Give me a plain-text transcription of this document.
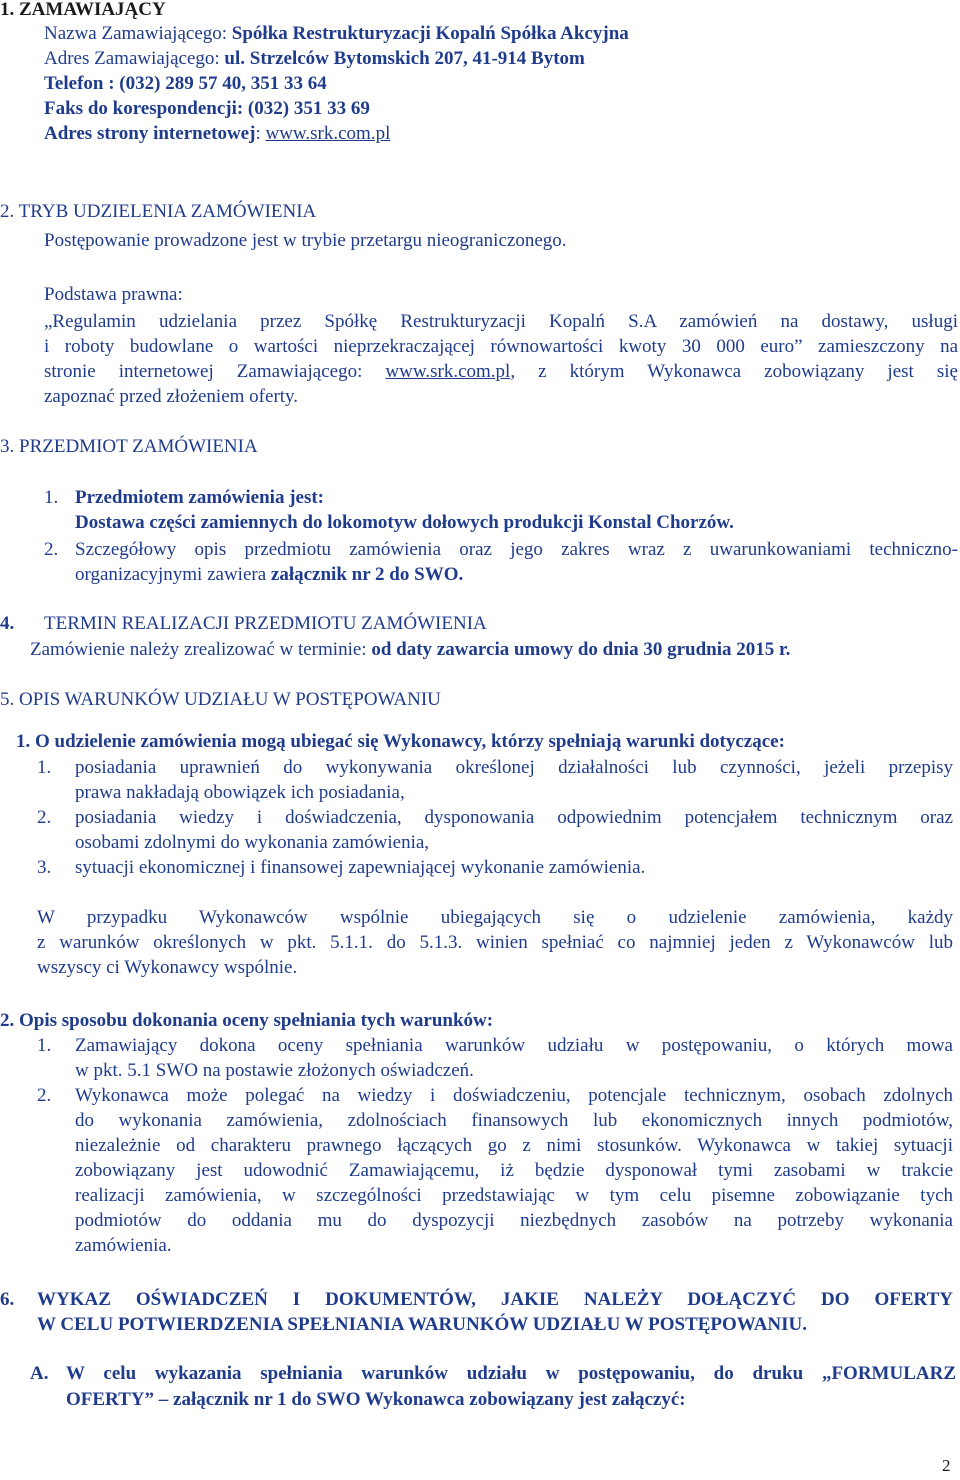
1. ZAMAWIAJĄCY
Nazwa Zamawiającego: Spółka Restrukturyzacji Kopalń Spółka Akcyjna
Adres Zamawiającego: ul. Strzelców Bytomskich 207, 41-914 Bytom
Telefon : (032) 289 57 40, 351 33 64
Faks do korespondencji: (032) 351 33 69
Adres strony internetowej: www.srk.com.pl
2. TRYB UDZIELENIA ZAMÓWIENIA
Postępowanie prowadzone jest w trybie przetargu nieograniczonego.
Podstawa prawna:
„Regulamin udzielania przez Spółkę Restrukturyzacji Kopalń S.A zamówień na dostawy, usługi
i roboty budowlane o wartości nieprzekraczającej równowartości kwoty 30 000 euro” zamieszczony na
stronie internetowej Zamawiającego: www.srk.com.pl, z którym Wykonawca zobowiązany jest się
zapoznać przed złożeniem oferty.
3. PRZEDMIOT ZAMÓWIENIA
1. Przedmiotem zamówienia jest:
Dostawa części zamiennych do lokomotyw dołowych produkcji Konstal Chorzów.
2. Szczegółowy opis przedmiotu zamówienia oraz jego zakres wraz z uwarunkowaniami techniczno-
organizacyjnymi zawiera załącznik nr 2 do SWO.
4. TERMIN REALIZACJI PRZEDMIOTU ZAMÓWIENIA
Zamówienie należy zrealizować w terminie: od daty zawarcia umowy do dnia 30 grudnia 2015 r.
5. OPIS WARUNKÓW UDZIAŁU W POSTĘPOWANIU
1. O udzielenie zamówienia mogą ubiegać się Wykonawcy, którzy spełniają warunki dotyczące:
1. posiadania uprawnień do wykonywania określonej działalności lub czynności, jeżeli przepisy
prawa nakładają obowiązek ich posiadania,
2. posiadania wiedzy i doświadczenia, dysponowania odpowiednim potencjałem technicznym oraz
osobami zdolnymi do wykonania zamówienia,
3. sytuacji ekonomicznej i finansowej zapewniającej wykonanie zamówienia.
W przypadku Wykonawców wspólnie ubiegających się o udzielenie zamówienia, każdy
z warunków określonych w pkt. 5.1.1. do 5.1.3. winien spełniać co najmniej jeden z Wykonawców lub
wszyscy ci Wykonawcy wspólnie.
2. Opis sposobu dokonania oceny spełniania tych warunków:
1. Zamawiający dokona oceny spełniania warunków udziału w postępowaniu, o których mowa
w pkt. 5.1 SWO na postawie złożonych oświadczeń.
2. Wykonawca może polegać na wiedzy i doświadczeniu, potencjale technicznym, osobach zdolnych
do wykonania zamówienia, zdolnościach finansowych lub ekonomicznych innych podmiotów,
niezależnie od charakteru prawnego łączących go z nimi stosunków. Wykonawca w takiej sytuacji
zobowiązany jest udowodnić Zamawiającemu, iż będzie dysponował tymi zasobami w trakcie
realizacji zamówienia, w szczególności przedstawiając w tym celu pisemne zobowiązanie tych
podmiotów do oddania mu do dyspozycji niezbędnych zasobów na potrzeby wykonania
zamówienia.
6. WYKAZ OŚWIADCZEŃ I DOKUMENTÓW, JAKIE NALEŻY DOŁĄCZYĆ DO OFERTY
W CELU POTWIERDZENIA SPEŁNIANIA WARUNKÓW UDZIAŁU W POSTĘPOWANIU.
A. W celu wykazania spełniania warunków udziału w postępowaniu, do druku „FORMULARZ
OFERTY” – załącznik nr 1 do SWO Wykonawca zobowiązany jest załączyć:
2
